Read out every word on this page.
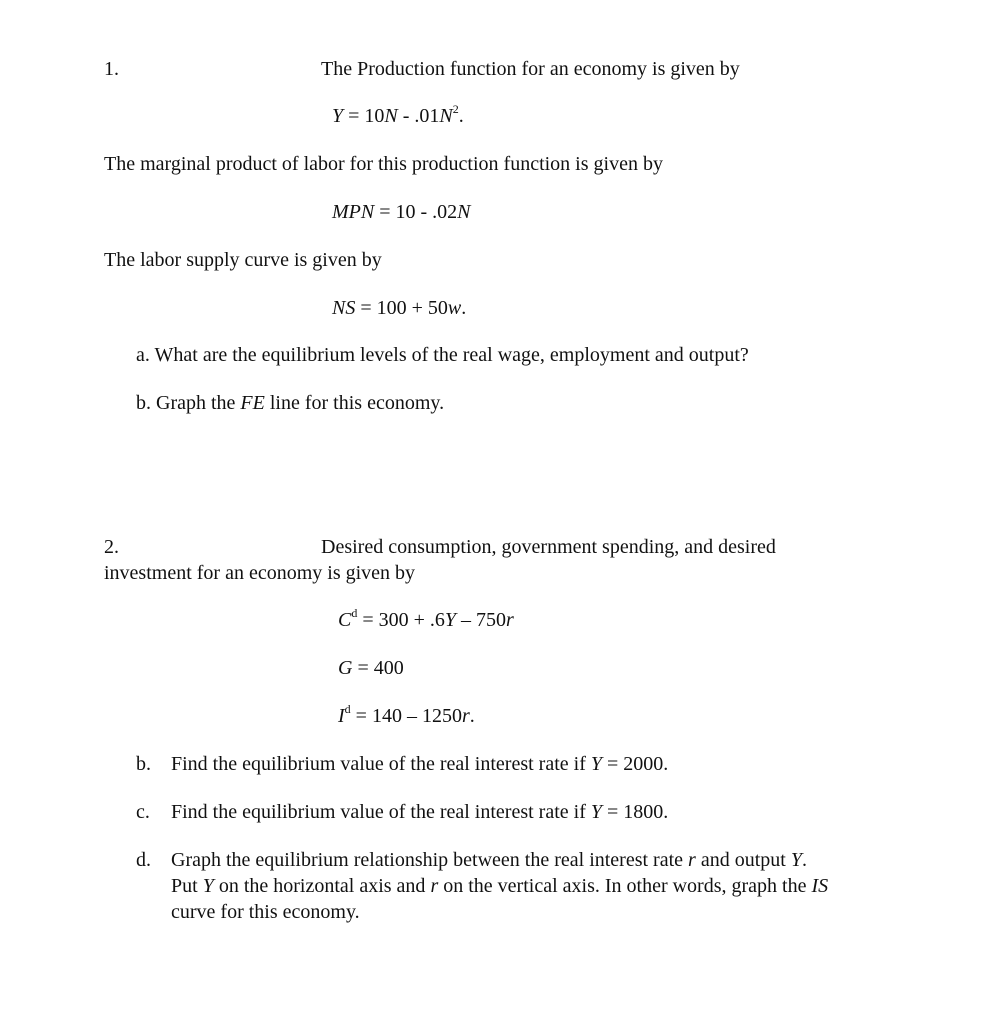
1.	The Production function for an economy is given by
$Y = 10N - .01N^2$.
The marginal product of labor for this production function is given by
MPN = 10 - .02N
The labor supply curve is given by
NS = 100 + 50w.
a. What are the equilibrium levels of the real wage, employment and output?
b. Graph the FE line for this economy.
2.	Desired consumption, government spending, and desired
investment for an economy is given by
$C^d = 300 + .6Y - 750r$
G = 400
$I^d = 140 - 1250r$.
b. Find the equilibrium value of the real interest rate if Y = 2000.
c. Find the equilibrium value of the real interest rate if Y = 1800.
d. Graph the equilibrium relationship between the real interest rate r and output Y.
Put Y on the horizontal axis and r on the vertical axis. In other words, graph the IS
curve for this economy.
